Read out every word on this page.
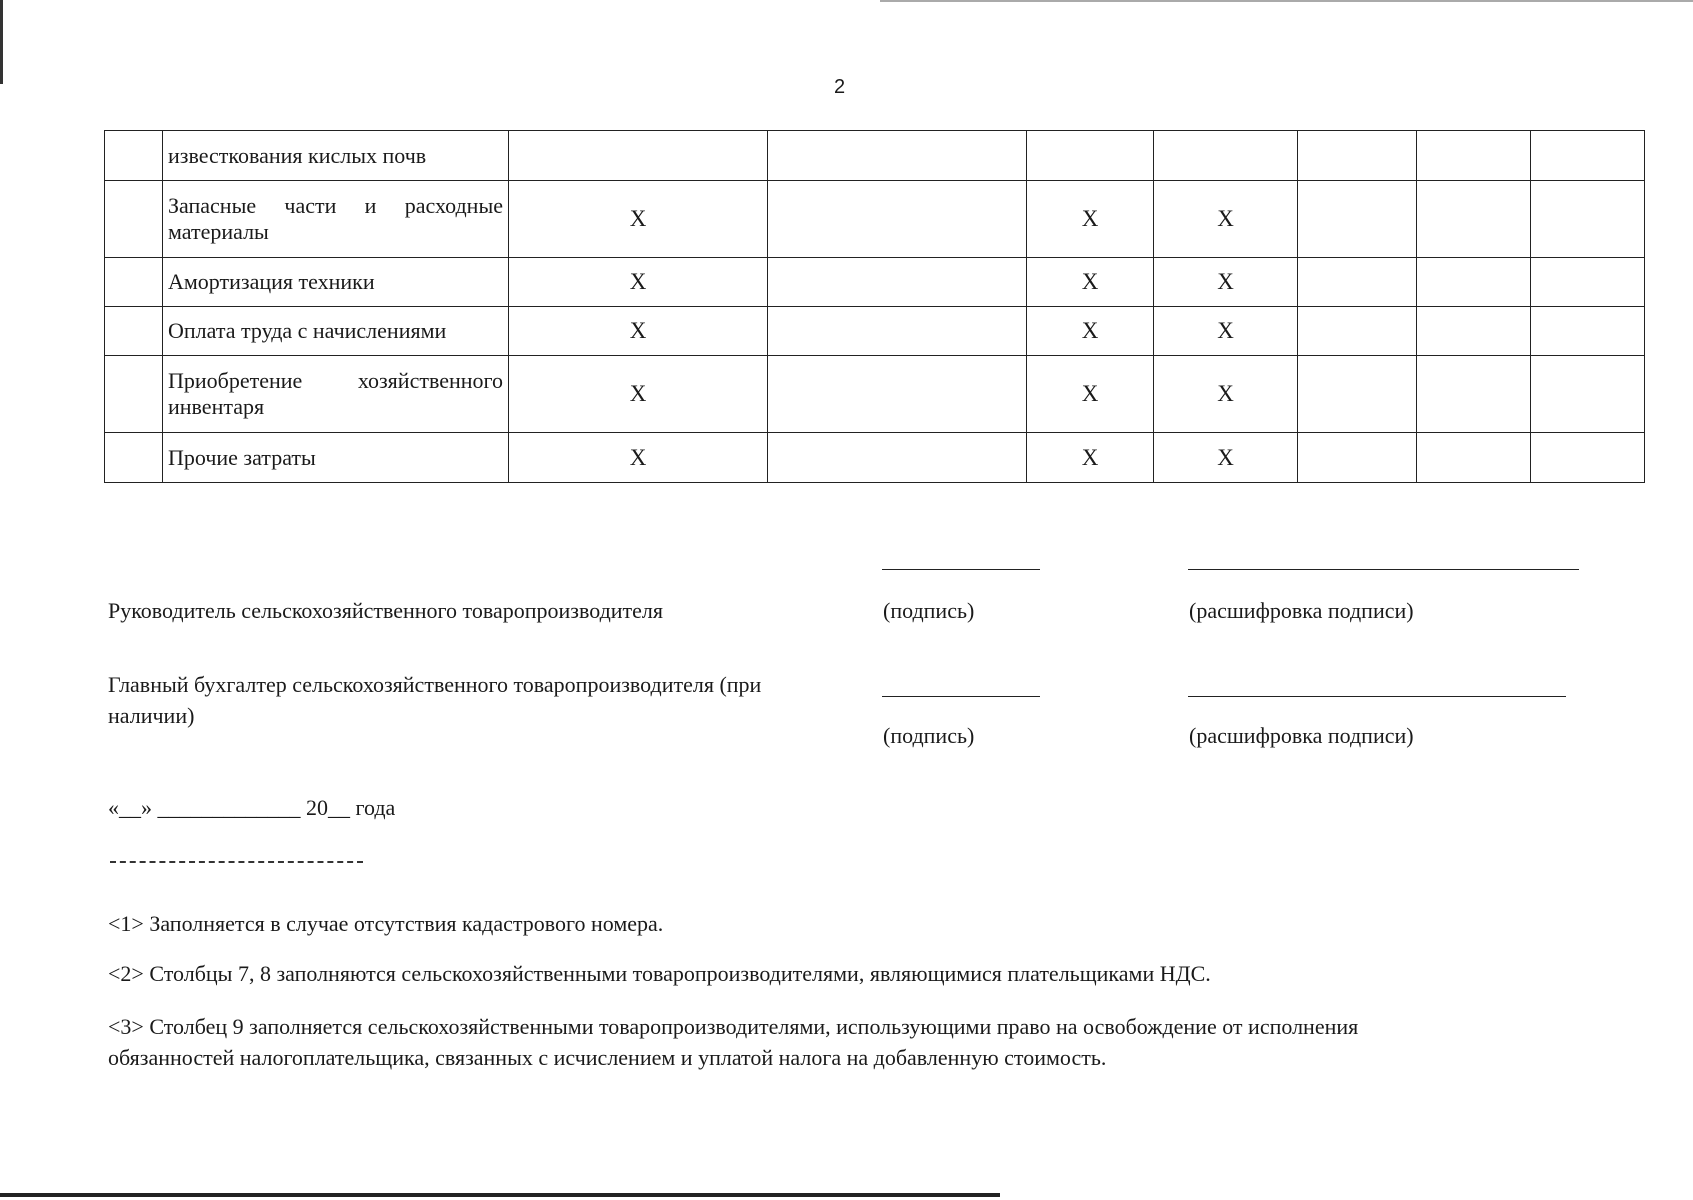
2
	известкования кислых почв							
	Запасные части и расходные материалы	X		X	X			
	Амортизация техники	X		X	X			
	Оплата труда с начислениями	X		X	X			
	Приобретение хозяйственного инвентаря	X		X	X			
	Прочие затраты	X		X	X			
Руководитель сельскохозяйственного товаропроизводителя	(подпись)	(расшифровка подписи)
Главный бухгалтер сельскохозяйственного товаропроизводителя (при
наличии)
(подпись)	(расшифровка подписи)
«__» _____________ 20__ года
<1> Заполняется в случае отсутствия кадастрового номера.
<2> Столбцы 7, 8 заполняются сельскохозяйственными товаропроизводителями, являющимися плательщиками НДС.
<3> Столбец 9 заполняется сельскохозяйственными товаропроизводителями, использующими право на освобождение от исполнения
обязанностей налогоплательщика, связанных с исчислением и уплатой налога на добавленную стоимость.
